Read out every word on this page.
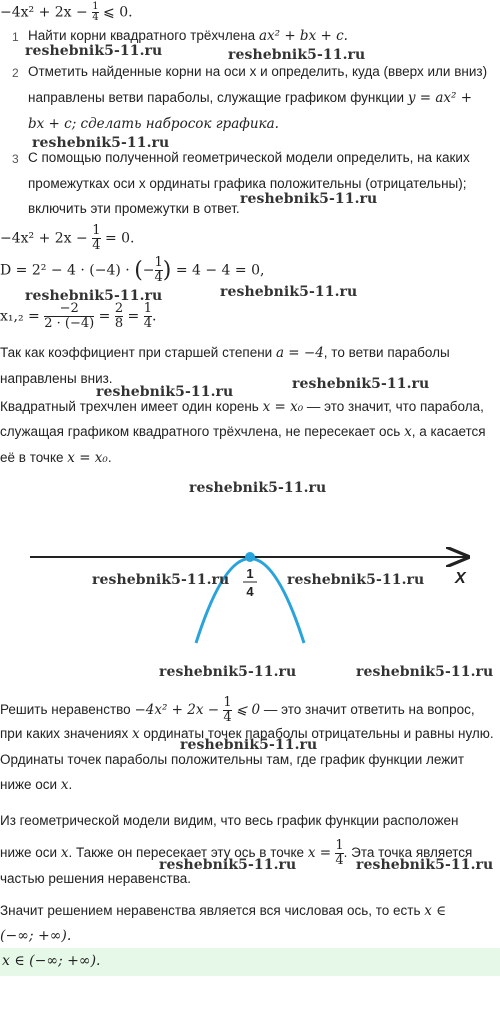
$-4x^2 + 2x - \frac{1}{4}$ ⩽ 0.
1 Найти корни квадратного трёхчлена ax² + bx + c.
2 Отметить найденные корни на оси x и определить, куда (вверх или вниз)
направлены ветви параболы, служащие графиком функции y = ax² +
bx + c; сделать набросок графика.
3 С помощью полученной геометрической модели определить, на каких
промежутках оси x ординаты графика положительны (отрицательны);
включить эти промежутки в ответ.
$-4x^2 + 2x - \frac{1}{4} = 0$.
D = 2² − 4 · (−4) · (− $\frac{1}{4}$ ) = 4 − 4 = 0,
$x_1,_2 = \frac{-2}{2 \cdot (-4)} = \frac{2}{8} = \frac{1}{4}$ .
Так как коэффициент при старшей степени a = −4, то ветви параболы
направлены вниз.
Квадратный трехчлен имеет один корень x = x₀ — это значит, что парабола,
служащая графиком квадратного трёхчлена, не пересекает ось x, а касается
её в точке x = x₀.
X
1
4
Решить неравенство $-4x^2 + 2x - \frac{1}{4}$ ⩽ 0 — это значит ответить на вопрос,
при каких значениях x ординаты точек параболы отрицательны и равны нулю.
Ординаты точек параболы положительны там, где график функции лежит
ниже оси x.
Из геометрической модели видим, что весь график функции расположен
ниже оси x. Также он пересекает эту ось в точке $x = \frac{1}{4}$ . Эта точка является
частью решения неравенства.
Значит решением неравенства является вся числовая ось, то есть x ∈
(−∞; +∞).
x ∈ (−∞; +∞).
reshebnik5-11.ru	reshebnik5-11.ru
reshebnik5-11.ru
reshebnik5-11.ru
reshebnik5-11.ru	reshebnik5-11.ru
reshebnik5-11.ru	reshebnik5-11.ru
reshebnik5-11.ru
reshebnik5-11.ru	reshebnik5-11.ru
reshebnik5-11.ru	reshebnik5-11.ru
reshebnik5-11.ru
reshebnik5-11.ru	reshebnik5-11.ru
